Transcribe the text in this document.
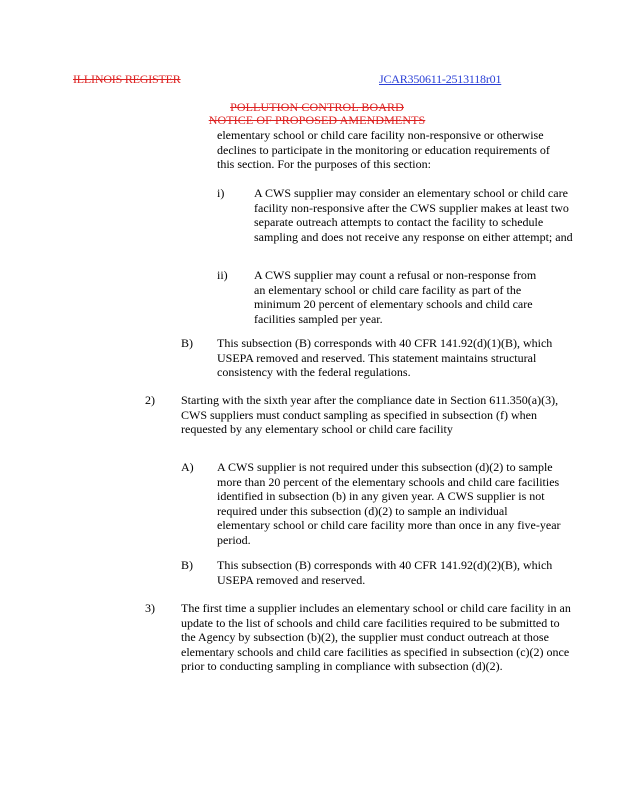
ILLINOIS REGISTER	JCAR350611-2513118r01
POLLUTION CONTROL BOARD
NOTICE OF PROPOSED AMENDMENTS
elementary school or child care facility non-responsive or otherwise declines to participate in the monitoring or education requirements of this section. For the purposes of this section:
i) A CWS supplier may consider an elementary school or child care facility non-responsive after the CWS supplier makes at least two separate outreach attempts to contact the facility to schedule sampling and does not receive any response on either attempt; and
ii) A CWS supplier may count a refusal or non-response from an elementary school or child care facility as part of the minimum 20 percent of elementary schools and child care facilities sampled per year.
B) This subsection (B) corresponds with 40 CFR 141.92(d)(1)(B), which USEPA removed and reserved. This statement maintains structural consistency with the federal regulations.
2) Starting with the sixth year after the compliance date in Section 611.350(a)(3), CWS suppliers must conduct sampling as specified in subsection (f) when requested by any elementary school or child care facility
A) A CWS supplier is not required under this subsection (d)(2) to sample more than 20 percent of the elementary schools and child care facilities identified in subsection (b) in any given year. A CWS supplier is not required under this subsection (d)(2) to sample an individual elementary school or child care facility more than once in any five-year period.
B) This subsection (B) corresponds with 40 CFR 141.92(d)(2)(B), which USEPA removed and reserved.
3) The first time a supplier includes an elementary school or child care facility in an update to the list of schools and child care facilities required to be submitted to the Agency by subsection (b)(2), the supplier must conduct outreach at those elementary schools and child care facilities as specified in subsection (c)(2) once prior to conducting sampling in compliance with subsection (d)(2).
